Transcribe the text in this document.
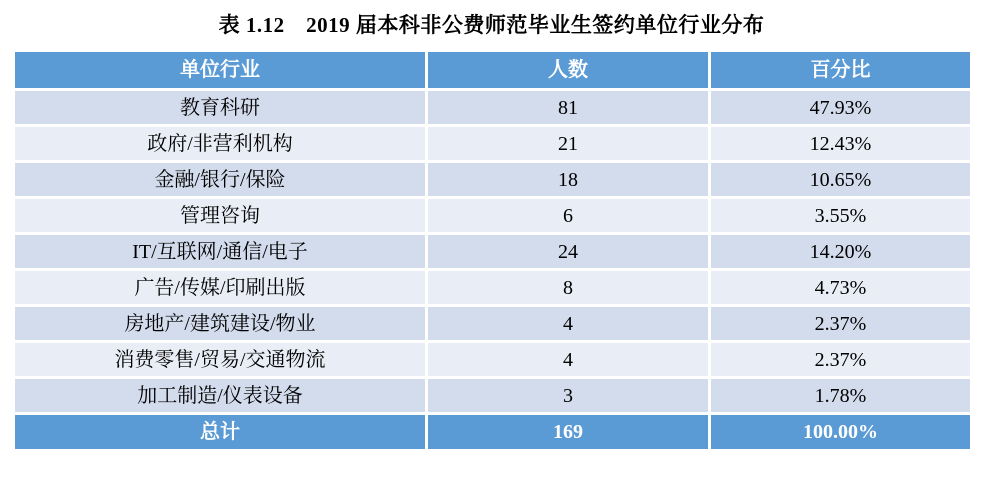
表 1.12　2019 届本科非公费师范毕业生签约单位行业分布
单位行业	人数	百分比
教育科研	81	47.93%
政府/非营利机构	21	12.43%
金融/银行/保险	18	10.65%
管理咨询	6	3.55%
IT/互联网/通信/电子	24	14.20%
广告/传媒/印刷出版	8	4.73%
房地产/建筑建设/物业	4	2.37%
消费零售/贸易/交通物流	4	2.37%
加工制造/仪表设备	3	1.78%
总计	169	100.00%
